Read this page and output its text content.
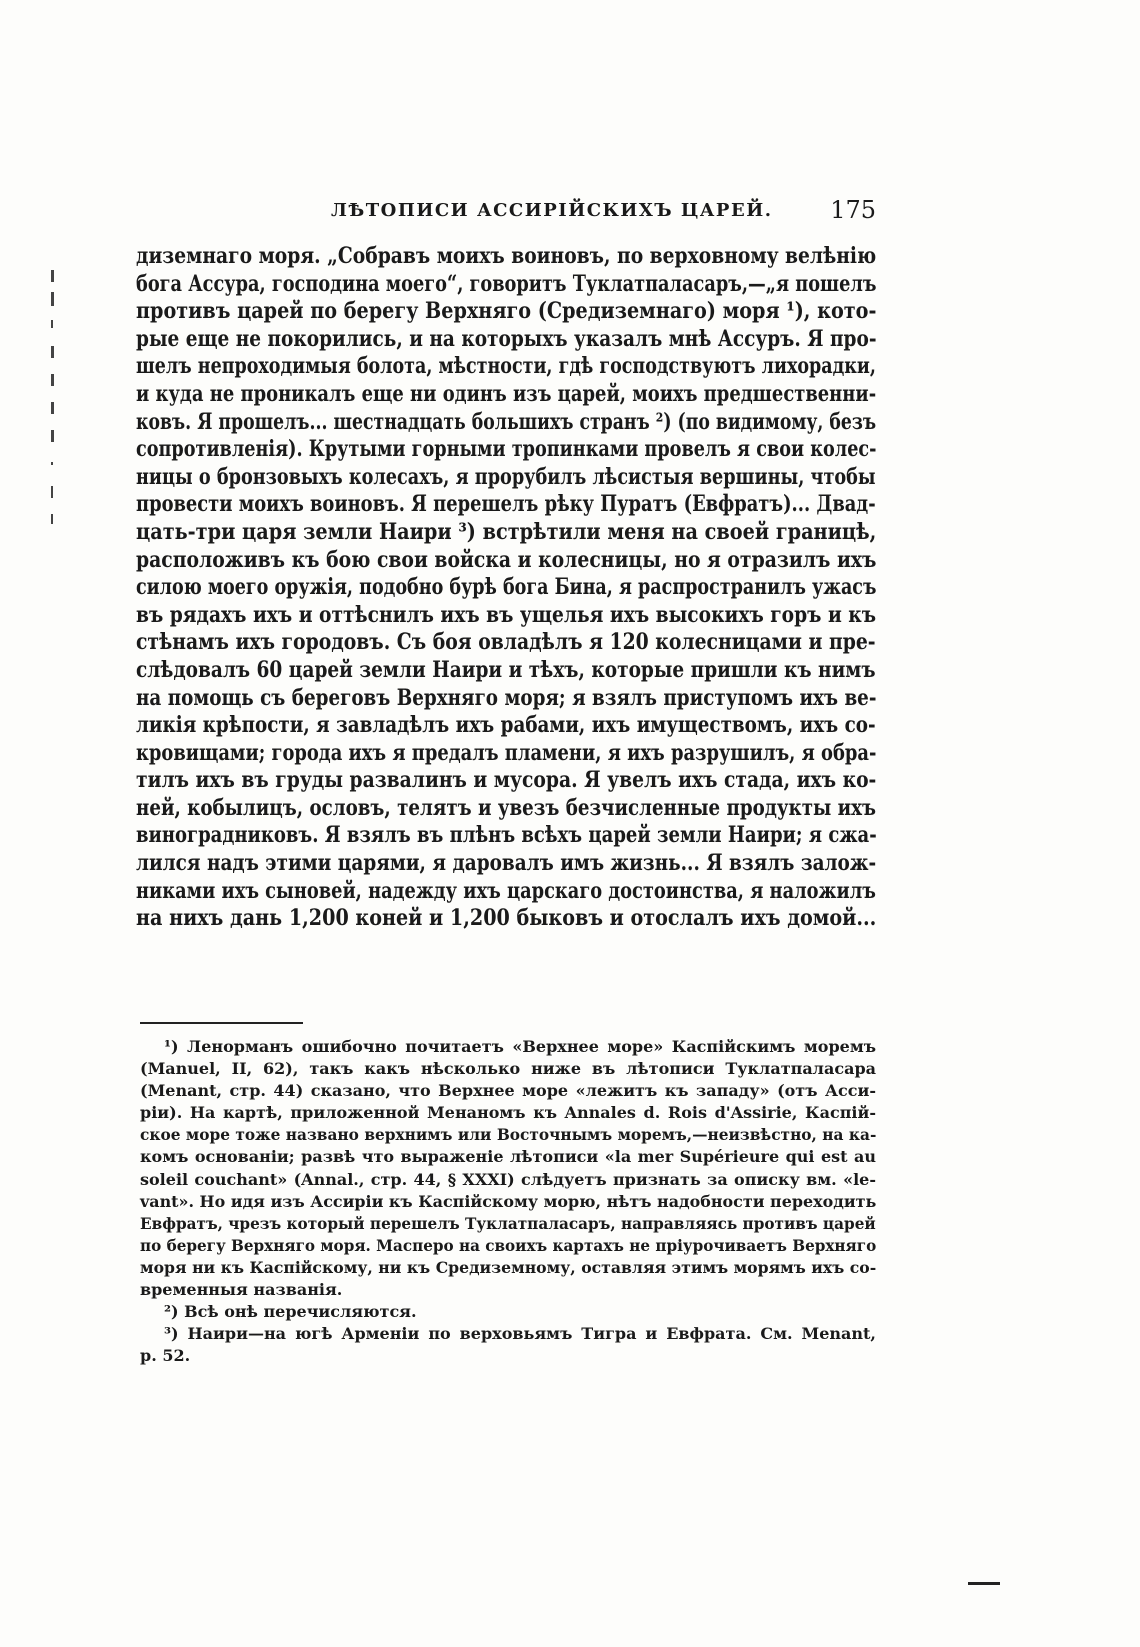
ЛѢТОПИСИ АССИРІЙСКИХЪ ЦАРЕЙ. 175
диземнаго моря. „Собравъ моихъ воиновъ, по верховному велѣнію
бога Ассура, господина моего“, говоритъ Туклатпаласаръ,—„я пошелъ
противъ царей по берегу Верхняго (Средиземнаго) моря ¹), кото-
рые еще не покорились, и на которыхъ указалъ мнѣ Ассуръ. Я про-
шелъ непроходимыя болота, мѣстности, гдѣ господствуютъ лихорадки,
и куда не проникалъ еще ни одинъ изъ царей, моихъ предшественни-
ковъ. Я прошелъ... шестнадцать большихъ странъ ²) (по видимому, безъ
сопротивленія). Крутыми горными тропинками провелъ я свои колес-
ницы о бронзовыхъ колесахъ, я прорубилъ лѣсистыя вершины, чтобы
провести моихъ воиновъ. Я перешелъ рѣку Пуратъ (Евфратъ)... Двад-
цать-три царя земли Наири ³) встрѣтили меня на своей границѣ,
расположивъ къ бою свои войска и колесницы, но я отразилъ ихъ
силою моего оружія, подобно бурѣ бога Бина, я распространилъ ужасъ
въ рядахъ ихъ и оттѣснилъ ихъ въ ущелья ихъ высокихъ горъ и къ
стѣнамъ ихъ городовъ. Съ боя овладѣлъ я 120 колесницами и пре-
слѣдовалъ 60 царей земли Наири и тѣхъ, которые пришли къ нимъ
на помощь съ береговъ Верхняго моря; я взялъ приступомъ ихъ ве-
ликія крѣпости, я завладѣлъ ихъ рабами, ихъ имуществомъ, ихъ со-
кровищами; города ихъ я предалъ пламени, я ихъ разрушилъ, я обра-
тилъ ихъ въ груды развалинъ и мусора. Я увелъ ихъ стада, ихъ ко-
ней, кобылицъ, ословъ, телятъ и увезъ безчисленные продукты ихъ
виноградниковъ. Я взялъ въ плѣнъ всѣхъ царей земли Наири; я сжа-
лился надъ этими царями, я даровалъ имъ жизнь... Я взялъ залож-
никами ихъ сыновей, надежду ихъ царскаго достоинства, я наложилъ
на нихъ дань 1,200 коней и 1,200 быковъ и отослалъ ихъ домой...
¹) Ленорманъ ошибочно почитаетъ «Верхнее море» Каспійскимъ моремъ
(Manuel, II, 62), такъ какъ нѣсколько ниже въ лѣтописи Туклатпаласара
(Menant, стр. 44) сказано, что Верхнее море «лежитъ къ западу» (отъ Асси-
ріи). На картѣ, приложенной Менаномъ къ Annales d. Rois d'Assirie, Каспій-
ское море тоже названо верхнимъ или Восточнымъ моремъ,—неизвѣстно, на ка-
комъ основаніи; развѣ что выраженіе лѣтописи «la mer Supérieure qui est au
soleil couchant» (Annal., стр. 44, § XXXI) слѣдуетъ признать за описку вм. «le-
vant». Но идя изъ Ассиріи къ Каспійскому морю, нѣтъ надобности переходить
Евфратъ, чрезъ который перешелъ Туклатпаласаръ, направляясь противъ царей
по берегу Верхняго моря. Масперо на своихъ картахъ не пріурочиваетъ Верхняго
моря ни къ Каспійскому, ни къ Средиземному, оставляя этимъ морямъ ихъ со-
временныя названія.
²) Всѣ онѣ перечисляются.
³) Наири—на югѣ Арменіи по верховьямъ Тигра и Евфрата. См. Menant,
p. 52.
